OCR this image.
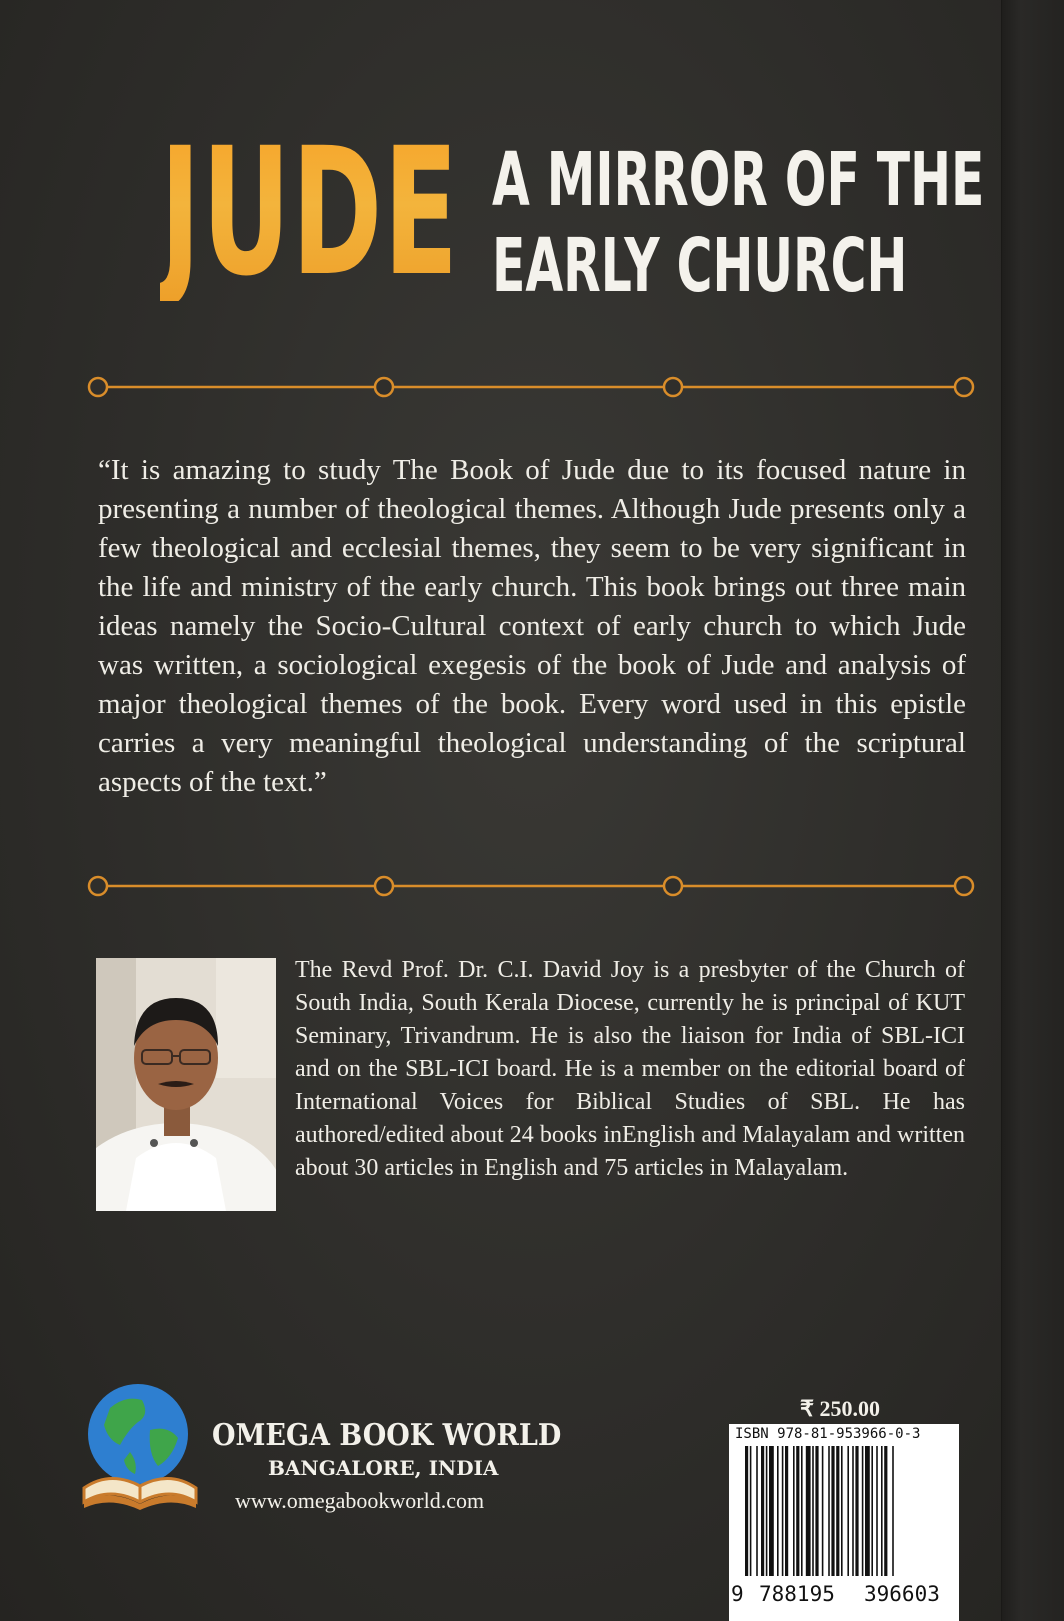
JUDE A MIRROR OF THE
EARLY CHURCH

“It is amazing to study The Book of Jude due to its focused nature in presenting a number of theological themes. Although Jude presents only a few theological and ecclesial themes, they seem to be very significant in the life and ministry of the early church. This book brings out three main ideas namely the Socio-Cultural context of early church to which Jude was written, a sociological exegesis of the book of Jude and analysis of major theological themes of the book. Every word used in this epistle carries a very meaningful theological understanding of the scriptural aspects of the text.”

The Revd Prof. Dr. C.I. David Joy is a presbyter of the Church of South India, South Kerala Diocese, currently he is principal of KUT Seminary, Trivandrum. He is also the liaison for India of SBL-ICI and on the SBL-ICI board. He is a member on the editorial board of International Voices for Biblical Studies of SBL. He has authored/edited about 24 books inEnglish and Malayalam and written about 30 articles in English and 75 articles in Malayalam.

OMEGA BOOK WORLD
BANGALORE, INDIA
www.omegabookworld.com
₹ 250.00
ISBN 978-81-953966-0-3
9 788195 396603
